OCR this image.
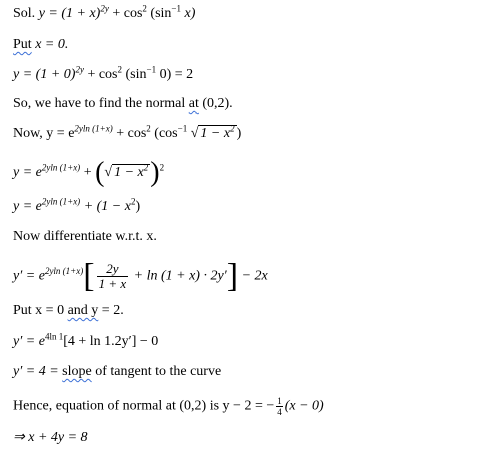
Sol. $y = (1 + x)^{2y} + \cos^2 (\sin^{-1}$ x)
Put x = 0.
$y = (1 + 0)^{2y} + \cos^2 (\sin^{-1}$ 0) = 2
So, we have to find the normal at (0,2).
Now, $y = e^{2yln (1+x)} + \cos^2 (\cos^{-1}$ √ $1 - x^2$ )
$y = e^{2yln (1+x)}$ + (√ $1 - x^2)^2$
$y = e^{2yln (1+x)} + (1 - x^2)$
Now differentiate w.r.t. x.
$y' = e^{2yln (1+x)}[ \frac{2y}{1 + x} + \ln (1 + x) \cdot 2y'] - 2x$
Put x = 0 and y = 2.
$y' = e^{4ln 1}[4 + \ln 1.2y'] - 0$
y′ = 4 = slope of tangent to the curve
Hence, equation of normal at (0,2) is y − 2 = − $\frac{1}{4} (x - 0)$
⇒ x + 4y = 8
